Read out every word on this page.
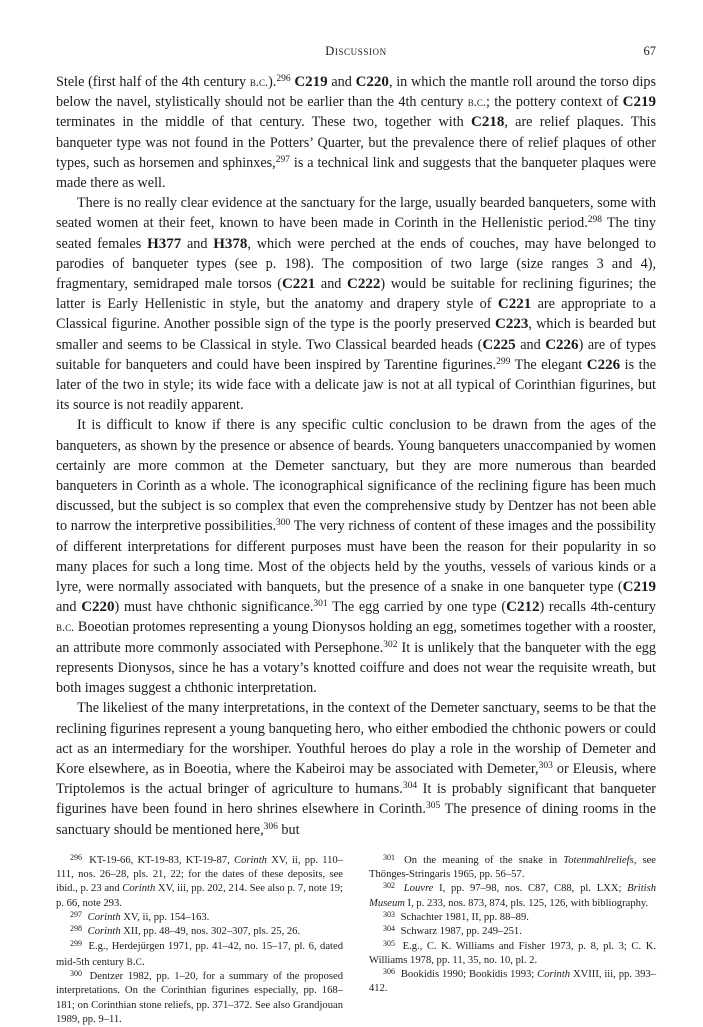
Discussion	67

Stele (first half of the 4th century b.c.).$^{296}$ C219 and C220, in which the mantle roll around the torso dips below the navel, stylistically should not be earlier than the 4th century b.c.; the pottery context of C219 terminates in the middle of that century. These two, together with C218, are relief plaques. This banqueter type was not found in the Potters’ Quarter, but the prevalence there of relief plaques of other types, such as horsemen and sphinxes,$^{297}$ is a technical link and suggests that the banqueter plaques were made there as well.

There is no really clear evidence at the sanctuary for the large, usually bearded banqueters, some with seated women at their feet, known to have been made in Corinth in the Hellenistic period.$^{298}$ The tiny seated females H377 and H378, which were perched at the ends of couches, may have belonged to parodies of banqueter types (see p. 198). The composition of two large (size ranges 3 and 4), fragmentary, semidraped male torsos (C221 and C222) would be suitable for reclining figurines; the latter is Early Hellenistic in style, but the anatomy and drapery style of C221 are appropriate to a Classical figurine. Another possible sign of the type is the poorly preserved C223, which is bearded but smaller and seems to be Classical in style. Two Classical bearded heads (C225 and C226) are of types suitable for banqueters and could have been inspired by Tarentine figurines.$^{299}$ The elegant C226 is the later of the two in style; its wide face with a delicate jaw is not at all typical of Corinthian figurines, but its source is not readily apparent.

It is difficult to know if there is any specific cultic conclusion to be drawn from the ages of the banqueters, as shown by the presence or absence of beards. Young banqueters unaccompanied by women certainly are more common at the Demeter sanctuary, but they are more numerous than bearded banqueters in Corinth as a whole. The iconographical significance of the reclining figure has been much discussed, but the subject is so complex that even the comprehensive study by Dentzer has not been able to narrow the interpretive possibilities.$^{300}$ The very richness of content of these images and the possibility of different interpretations for different purposes must have been the reason for their popularity in so many places for such a long time. Most of the objects held by the youths, vessels of various kinds or a lyre, were normally associated with banquets, but the presence of a snake in one banqueter type (C219 and C220) must have chthonic significance.$^{301}$ The egg carried by one type (C212) recalls 4th-century b.c. Boeotian protomes representing a young Dionysos holding an egg, sometimes together with a rooster, an attribute more commonly associated with Persephone.$^{302}$ It is unlikely that the banqueter with the egg represents Dionysos, since he has a votary’s knotted coiffure and does not wear the requisite wreath, but both images suggest a chthonic interpretation.

The likeliest of the many interpretations, in the context of the Demeter sanctuary, seems to be that the reclining figurines represent a young banqueting hero, who either embodied the chthonic powers or could act as an intermediary for the worshiper. Youthful heroes do play a role in the worship of Demeter and Kore elsewhere, as in Boeotia, where the Kabeiroi may be associated with Demeter,$^{303}$ or Eleusis, where Triptolemos is the actual bringer of agriculture to humans.$^{304}$ It is probably significant that banqueter figurines have been found in hero shrines elsewhere in Corinth.$^{305}$ The presence of dining rooms in the sanctuary should be mentioned here,$^{306}$ but

$^{296}$ KT-19-66, KT-19-83, KT-19-87, Corinth XV, ii, pp. 110–111, nos. 26–28, pls. 21, 22; for the dates of these deposits, see ibid., p. 23 and Corinth XV, iii, pp. 202, 214. See also p. 7, note 19; p. 66, note 293.

$^{297}$ Corinth XV, ii, pp. 154–163.

$^{298}$ Corinth XII, pp. 48–49, nos. 302–307, pls. 25, 26.

$^{299}$ E.g., Herdejürgen 1971, pp. 41–42, no. 15–17, pl. 6, dated mid-5th century b.c.

$^{300}$ Dentzer 1982, pp. 1–20, for a summary of the proposed interpretations. On the Corinthian figurines especially, pp. 168–181; on Corinthian stone reliefs, pp. 371–372. See also Grandjouan 1989, pp. 9–11.

$^{301}$ On the meaning of the snake in Totenmahlreliefs, see Thönges-Stringaris 1965, pp. 56–57.

$^{302}$ Louvre I, pp. 97–98, nos. C87, C88, pl. LXX; British Museum I, p. 233, nos. 873, 874, pls. 125, 126, with bibliography.

$^{303}$ Schachter 1981, II, pp. 88–89.

$^{304}$ Schwarz 1987, pp. 249–251.

$^{305}$ E.g., C. K. Williams and Fisher 1973, p. 8, pl. 3; C. K. Williams 1978, pp. 11, 35, no. 10, pl. 2.

$^{306}$ Bookidis 1990; Bookidis 1993; Corinth XVIII, iii, pp. 393–412.
